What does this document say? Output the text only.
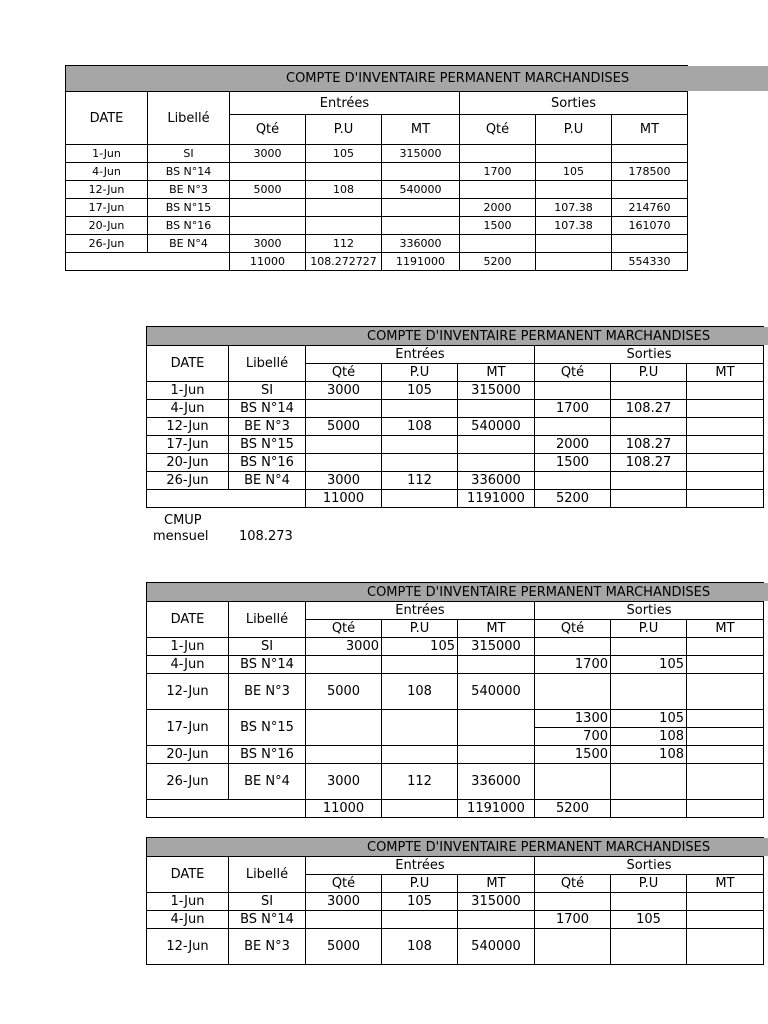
COMPTE D'INVENTAIRE PERMANENT MARCHANDISES							
DATE	Libellé	Entrées			Sorties		
		Qté	P.U	MT	Qté	P.U	MT
1-Jun	SI	3000	105	315000			
4-Jun	BS N°14				1700	105	178500
12-Jun	BE N°3	5000	108	540000			
17-Jun	BS N°15				2000	107.38	214760
20-Jun	BS N°16				1500	107.38	161070
26-Jun	BE N°4	3000	112	336000			
		11000	108.272727	1191000	5200		554330
COMPTE D'INVENTAIRE PERMANENT MARCHANDISES							
DATE	Libellé	Entrées			Sorties		
		Qté	P.U	MT	Qté	P.U	MT
1-Jun	SI	3000	105	315000			
4-Jun	BS N°14				1700	108.27	
12-Jun	BE N°3	5000	108	540000			
17-Jun	BS N°15				2000	108.27	
20-Jun	BS N°16				1500	108.27	
26-Jun	BE N°4	3000	112	336000			
		11000		1191000	5200		
CMUP
mensuel 108.273
COMPTE D'INVENTAIRE PERMANENT MARCHANDISES							
DATE	Libellé	Entrées			Sorties		
		Qté	P.U	MT	Qté	P.U	MT
1-Jun	SI	3000	105	315000			
4-Jun	BS N°14				1700	105	
12-Jun	BE N°3	5000	108	540000			
17-Jun	BS N°15				1300	105	
					700	108	
20-Jun	BS N°16				1500	108	
26-Jun	BE N°4	3000	112	336000			
		11000		1191000	5200		
COMPTE D'INVENTAIRE PERMANENT MARCHANDISES							
DATE	Libellé	Entrées			Sorties		
		Qté	P.U	MT	Qté	P.U	MT
1-Jun	SI	3000	105	315000			
4-Jun	BS N°14				1700	105	
12-Jun	BE N°3	5000	108	540000			
